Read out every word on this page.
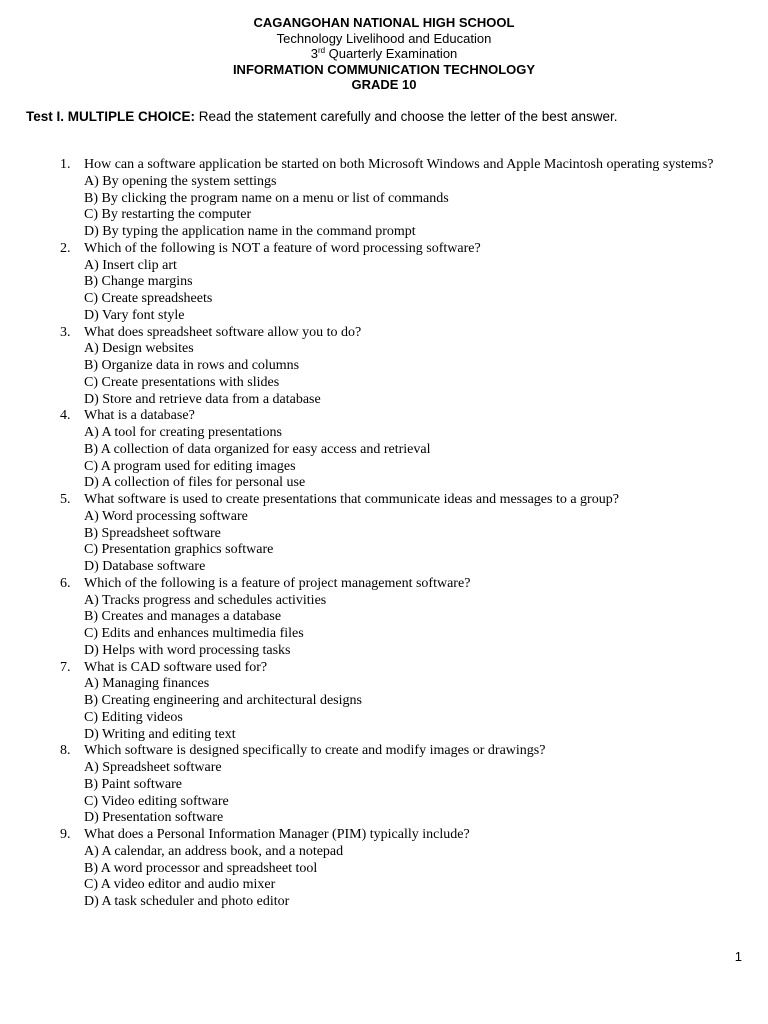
CAGANGOHAN NATIONAL HIGH SCHOOL
Technology Livelihood and Education
3rd Quarterly Examination
INFORMATION COMMUNICATION TECHNOLOGY
GRADE 10
Test I. MULTIPLE CHOICE: Read the statement carefully and choose the letter of the best answer.
1. How can a software application be started on both Microsoft Windows and Apple Macintosh operating systems?
A) By opening the system settings
B) By clicking the program name on a menu or list of commands
C) By restarting the computer
D) By typing the application name in the command prompt
2. Which of the following is NOT a feature of word processing software?
A) Insert clip art
B) Change margins
C) Create spreadsheets
D) Vary font style
3. What does spreadsheet software allow you to do?
A) Design websites
B) Organize data in rows and columns
C) Create presentations with slides
D) Store and retrieve data from a database
4. What is a database?
A) A tool for creating presentations
B) A collection of data organized for easy access and retrieval
C) A program used for editing images
D) A collection of files for personal use
5. What software is used to create presentations that communicate ideas and messages to a group?
A) Word processing software
B) Spreadsheet software
C) Presentation graphics software
D) Database software
6. Which of the following is a feature of project management software?
A) Tracks progress and schedules activities
B) Creates and manages a database
C) Edits and enhances multimedia files
D) Helps with word processing tasks
7. What is CAD software used for?
A) Managing finances
B) Creating engineering and architectural designs
C) Editing videos
D) Writing and editing text
8. Which software is designed specifically to create and modify images or drawings?
A) Spreadsheet software
B) Paint software
C) Video editing software
D) Presentation software
9. What does a Personal Information Manager (PIM) typically include?
A) A calendar, an address book, and a notepad
B) A word processor and spreadsheet tool
C) A video editor and audio mixer
D) A task scheduler and photo editor
1
